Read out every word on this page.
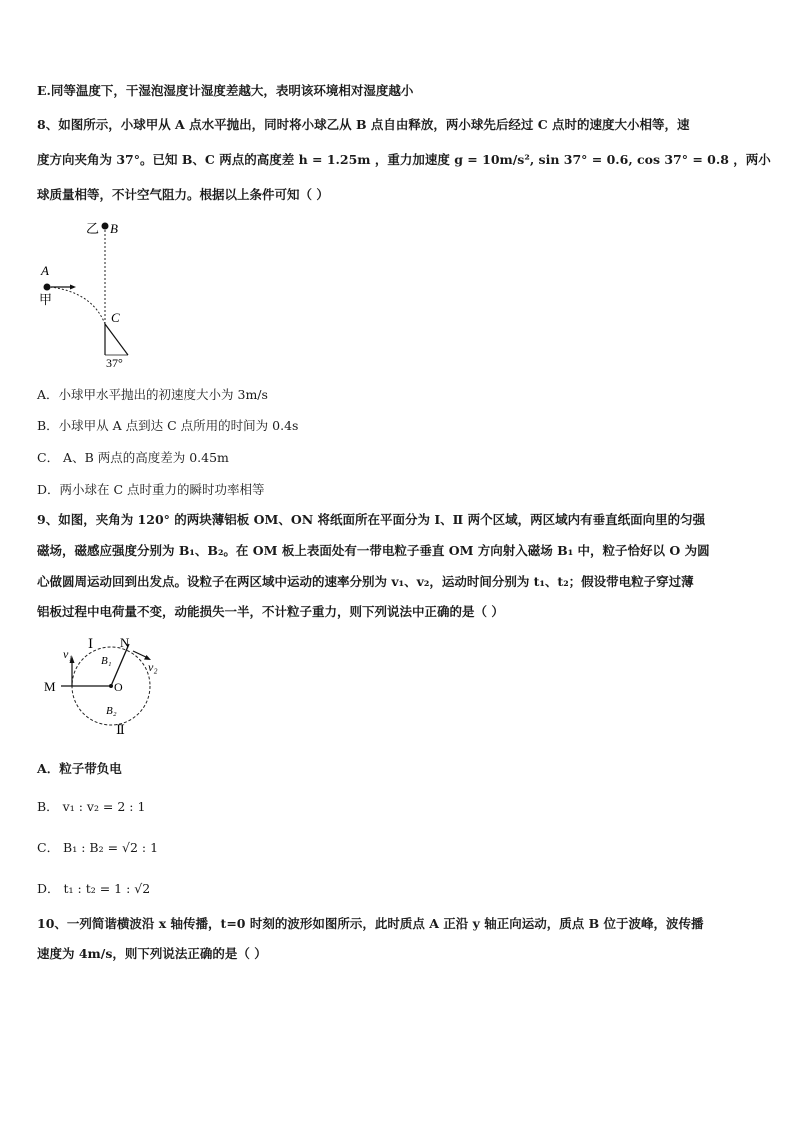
E.同等温度下，干湿泡湿度计湿度差越大，表明该环境相对湿度越小
8、如图所示，小球甲从 A 点水平抛出，同时将小球乙从 B 点自由释放，两小球先后经过 C 点时的速度大小相等，速
度方向夹角为 37°。已知 B、C 两点的高度差 h = 1.25m ，重力加速度 g = 10m/s², sin 37° = 0.6, cos 37° = 0.8 ，两小
球质量相等，不计空气阻力。根据以上条件可知（ ）
乙 B
A
甲
C
37°
A．小球甲水平抛出的初速度大小为 3m/s
B．小球甲从 A 点到达 C 点所用的时间为 0.4s
C． A、B 两点的高度差为 0.45m
D．两小球在 C 点时重力的瞬时功率相等
9、如图，夹角为 120° 的两块薄铝板 OM、ON 将纸面所在平面分为 Ⅰ、Ⅱ 两个区域，两区域内有垂直纸面向里的匀强
磁场，磁感应强度分别为 B₁、B₂。在 OM 板上表面处有一带电粒子垂直 OM 方向射入磁场 B₁ 中，粒子恰好以 O 为圆
心做圆周运动回到出发点。设粒子在两区域中运动的速率分别为 v₁、v₂，运动时间分别为 t₁、t₂；假设带电粒子穿过薄
铝板过程中电荷量不变，动能损失一半，不计粒子重力，则下列说法中正确的是（ ）
M	O
Ⅰ N
v₁
v₂
B₁
B₂
Ⅱ
A．粒子带负电
B． v₁ : v₂ = 2 : 1
C． B₁ : B₂ = √2 : 1
D． t₁ : t₂ = 1 : √2
10、一列简谐横波沿 x 轴传播，t=0 时刻的波形如图所示，此时质点 A 正沿 y 轴正向运动，质点 B 位于波峰，波传播
速度为 4m/s，则下列说法正确的是（ ）
